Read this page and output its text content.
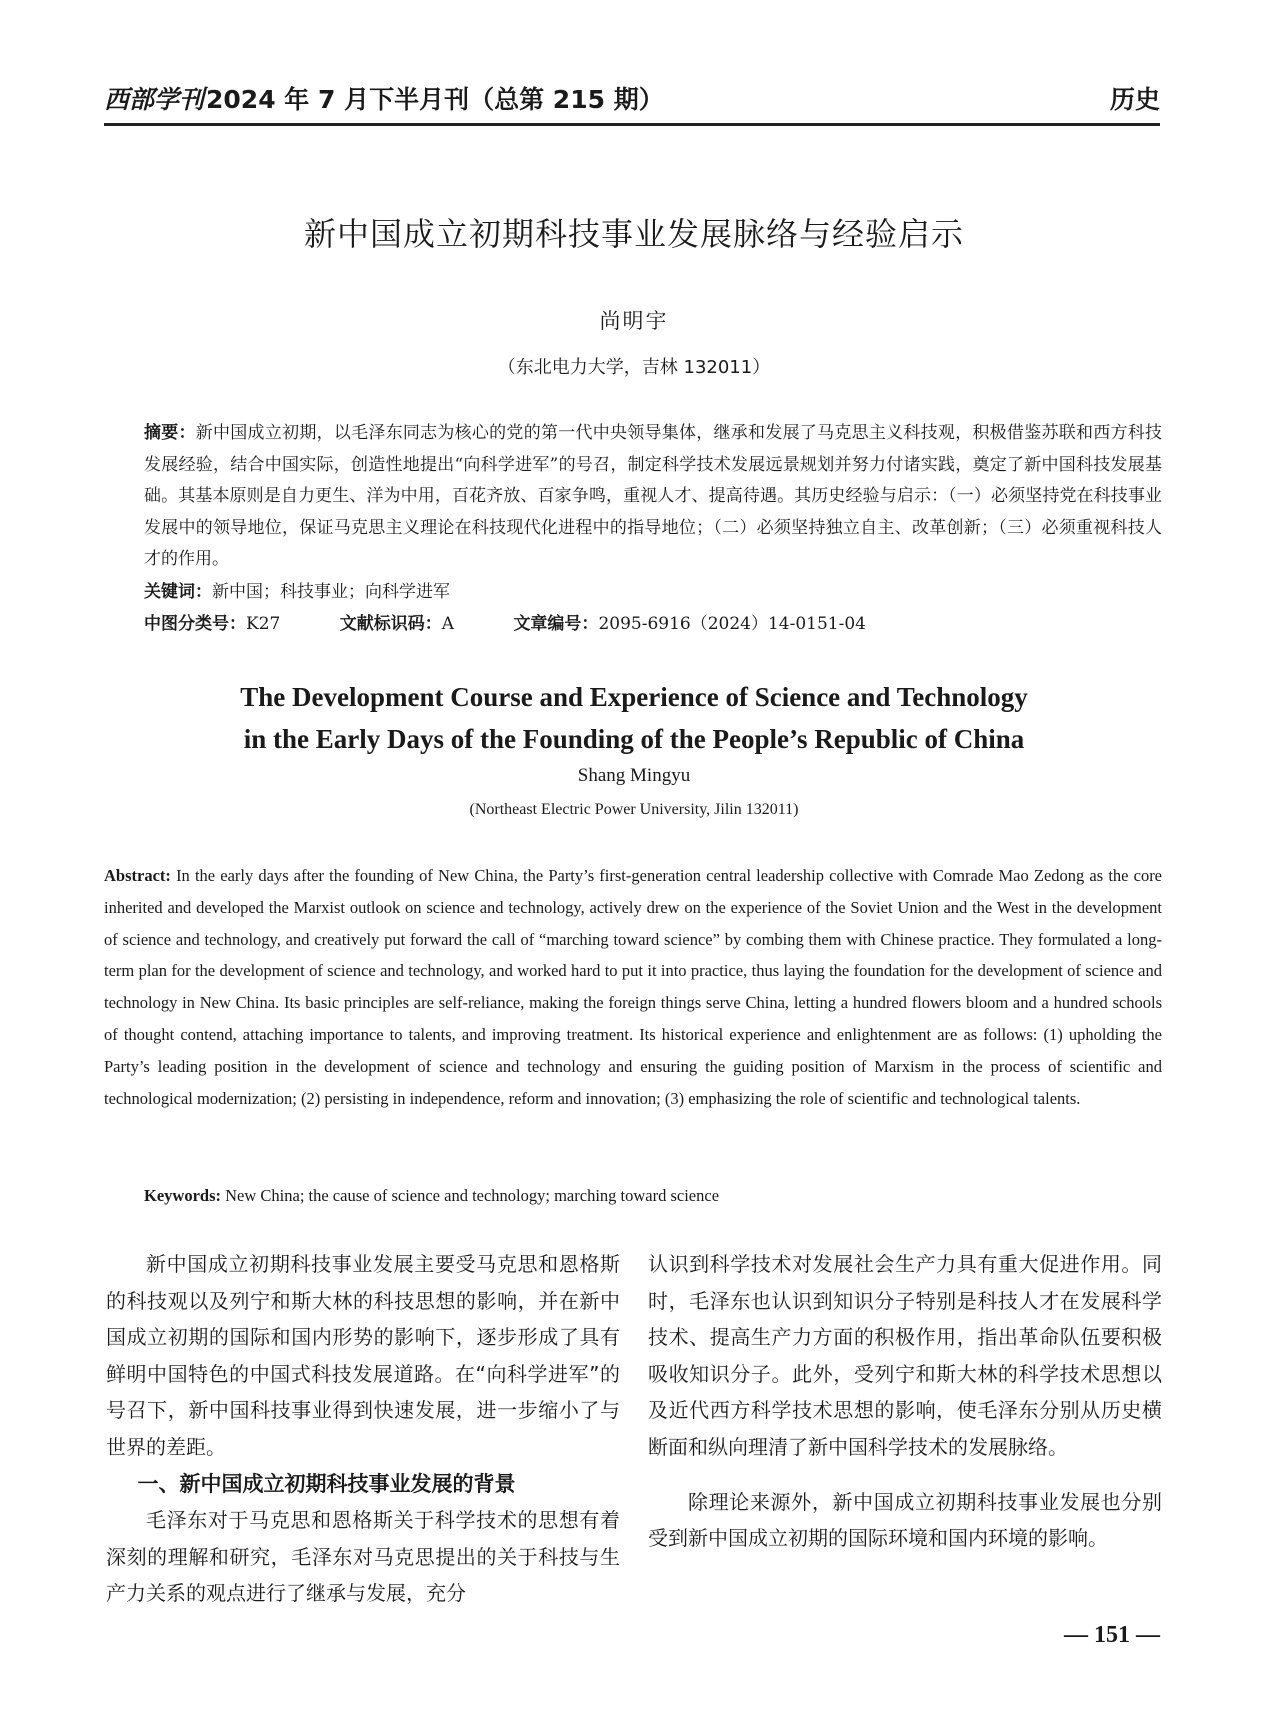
西部学刊2024 年 7 月下半月刊（总第 215 期）	历史
新中国成立初期科技事业发展脉络与经验启示
尚明宇
（东北电力大学，吉林 132011）
摘要：新中国成立初期，以毛泽东同志为核心的党的第一代中央领导集体，继承和发展了马克思主义科技观，积极借鉴苏联和西方科技发展经验，结合中国实际，创造性地提出“向科学进军”的号召，制定科学技术发展远景规划并努力付诸实践，奠定了新中国科技发展基础。其基本原则是自力更生、洋为中用，百花齐放、百家争鸣，重视人才、提高待遇。其历史经验与启示：（一）必须坚持党在科技事业发展中的领导地位，保证马克思主义理论在科技现代化进程中的指导地位；（二）必须坚持独立自主、改革创新；（三）必须重视科技人才的作用。
关键词：新中国；科技事业；向科学进军
中图分类号：K27	文献标识码：A	文章编号：2095-6916（2024）14-0151-04
The Development Course and Experience of Science and Technology
in the Early Days of the Founding of the People’s Republic of China
Shang Mingyu
(Northeast Electric Power University, Jilin 132011)
Abstract: In the early days after the founding of New China, the Party’s first-generation central leadership collective with Comrade Mao Zedong as the core inherited and developed the Marxist outlook on science and technology, actively drew on the experience of the Soviet Union and the West in the development of science and technology, and creatively put forward the call of “marching toward science” by combing them with Chinese practice. They formulated a long-term plan for the development of science and technology, and worked hard to put it into practice, thus laying the foundation for the development of science and technology in New China. Its basic principles are self-reliance, making the foreign things serve China, letting a hundred flowers bloom and a hundred schools of thought contend, attaching importance to talents, and improving treatment. Its historical experience and enlightenment are as follows: (1) upholding the Party’s leading position in the development of science and technology and ensuring the guiding position of Marxism in the process of scientific and technological modernization; (2) persisting in independence, reform and innovation; (3) emphasizing the role of scientific and technological talents.
Keywords: New China; the cause of science and technology; marching toward science

新中国成立初期科技事业发展主要受马克思和恩格斯的科技观以及列宁和斯大林的科技思想的影响，并在新中国成立初期的国际和国内形势的影响下，逐步形成了具有鲜明中国特色的中国式科技发展道路。在“向科学进军”的号召下，新中国科技事业得到快速发展，进一步缩小了与世界的差距。

一、新中国成立初期科技事业发展的背景

毛泽东对于马克思和恩格斯关于科学技术的思想有着深刻的理解和研究，毛泽东对马克思提出的关于科技与生产力关系的观点进行了继承与发展，充分

认识到科学技术对发展社会生产力具有重大促进作用。同时，毛泽东也认识到知识分子特别是科技人才在发展科学技术、提高生产力方面的积极作用，指出革命队伍要积极吸收知识分子。此外，受列宁和斯大林的科学技术思想以及近代西方科学技术思想的影响，使毛泽东分别从历史横断面和纵向理清了新中国科学技术的发展脉络。

除理论来源外，新中国成立初期科技事业发展也分别受到新中国成立初期的国际环境和国内环境的影响。

— 151 —
